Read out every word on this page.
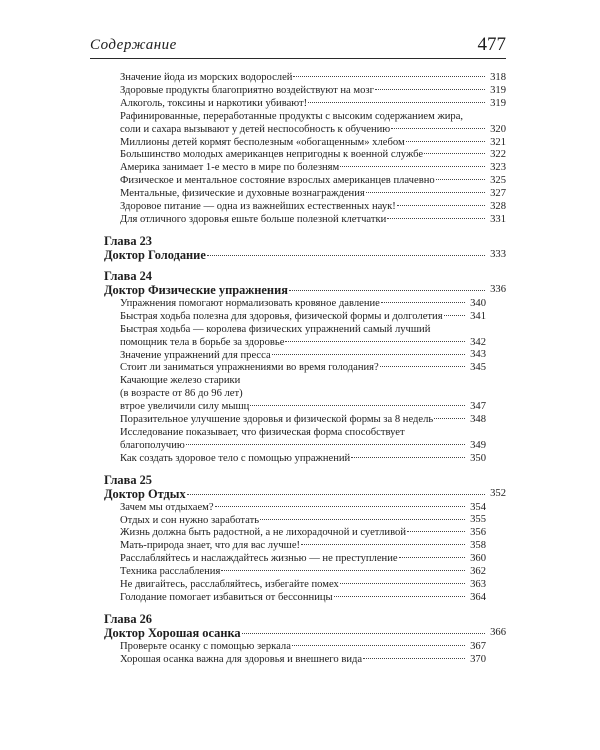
Содержание	477
Значение йода из морских водорослей	318
Здоровые продукты благоприятно воздействуют на мозг	319
Алкоголь, токсины и наркотики убивают!	319
Рафинированные, переработанные продукты с высоким содержанием жира,
соли и сахара вызывают у детей неспособность к обучению	320
Миллионы детей кормят бесполезным «обогащенным» хлебом	321
Большинство молодых американцев непригодны к военной службе	322
Америка занимает 1-е место в мире по болезням	323
Физическое и ментальное состояние взрослых американцев плачевно	325
Ментальные, физические и духовные вознаграждения	327
Здоровое питание — одна из важнейших естественных наук!	328
Для отличного здоровья ешьте больше полезной клетчатки	331
Глава 23
Доктор Голодание	333
Глава 24
Доктор Физические упражнения	336
Упражнения помогают нормализовать кровяное давление	340
Быстрая ходьба полезна для здоровья, физической формы и долголетия	341
Быстрая ходьба — королева физических упражнений самый лучший
помощник тела в борьбе за здоровье	342
Значение упражнений для пресса	343
Стоит ли заниматься упражнениями во время голодания?	345
Качающие железо старики
(в возрасте от 86 до 96 лет)
втрое увеличили силу мышц	347
Поразительное улучшение здоровья и физической формы за 8 недель	348
Исследование показывает, что физическая форма способствует
благополучию	349
Как создать здоровое тело с помощью упражнений	350
Глава 25
Доктор Отдых	352
Зачем мы отдыхаем?	354
Отдых и сон нужно заработать	355
Жизнь должна быть радостной, а не лихорадочной и суетливой	356
Мать-природа знает, что для вас лучше!	358
Расслабляйтесь и наслаждайтесь жизнью — не преступление	360
Техника расслабления	362
Не двигайтесь, расслабляйтесь, избегайте помех	363
Голодание помогает избавиться от бессонницы	364
Глава 26
Доктор Хорошая осанка	366
Проверьте осанку с помощью зеркала	367
Хорошая осанка важна для здоровья и внешнего вида	370
